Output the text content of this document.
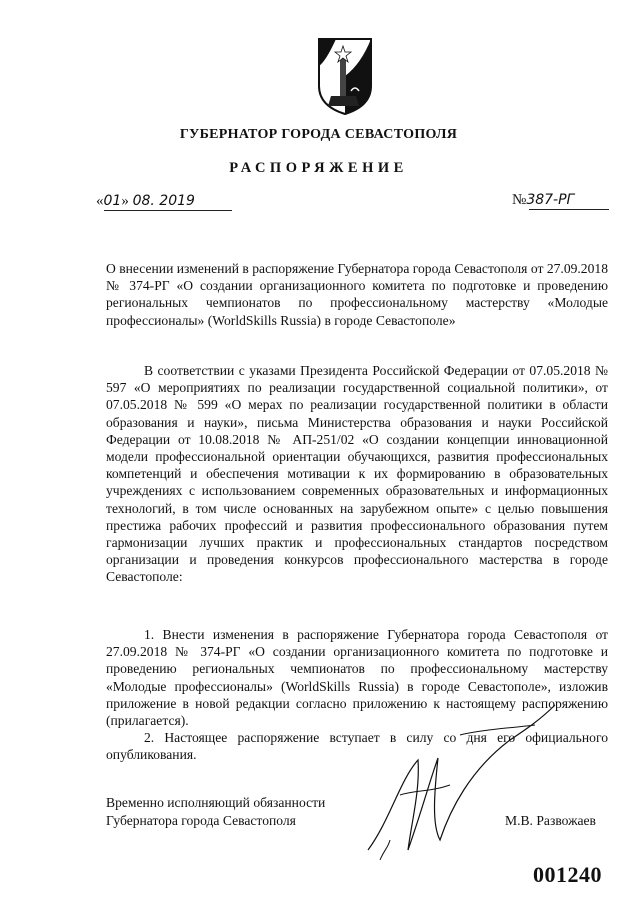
ГУБЕРНАТОР ГОРОДА СЕВАСТОПОЛЯ
РАСПОРЯЖЕНИЕ
«01» 08. 2019	№387-РГ
О внесении изменений в распоряжение Губернатора города Севастополя от 27.09.2018 № 374-РГ «О создании организационного комитета по подготовке и проведению региональных чемпионатов по профессиональному мастерству «Молодые профессионалы» (WorldSkills Russia) в городе Севастополе»
В соответствии с указами Президента Российской Федерации от 07.05.2018 № 597 «О мероприятиях по реализации государственной социальной политики», от 07.05.2018 № 599 «О мерах по реализации государственной политики в области образования и науки», письма Министерства образования и науки Российской Федерации от 10.08.2018 № АП-251/02 «О создании концепции инновационной модели профессиональной ориентации обучающихся, развития профессиональных компетенций и обеспечения мотивации к их формированию в образовательных учреждениях с использованием современных образовательных и информационных технологий, в том числе основанных на зарубежном опыте» с целью повышения престижа рабочих профессий и развития профессионального образования путем гармонизации лучших практик и профессиональных стандартов посредством организации и проведения конкурсов профессионального мастерства в городе Севастополе:
1. Внести изменения в распоряжение Губернатора города Севастополя от 27.09.2018 № 374-РГ «О создании организационного комитета по подготовке и проведению региональных чемпионатов по профессиональному мастерству «Молодые профессионалы» (WorldSkills Russia) в городе Севастополе», изложив приложение в новой редакции согласно приложению к настоящему распоряжению (прилагается).
2. Настоящее распоряжение вступает в силу со дня его официального опубликования.
Временно исполняющий обязанности
Губернатора города Севастополя	М.В. Развожаев
001240
